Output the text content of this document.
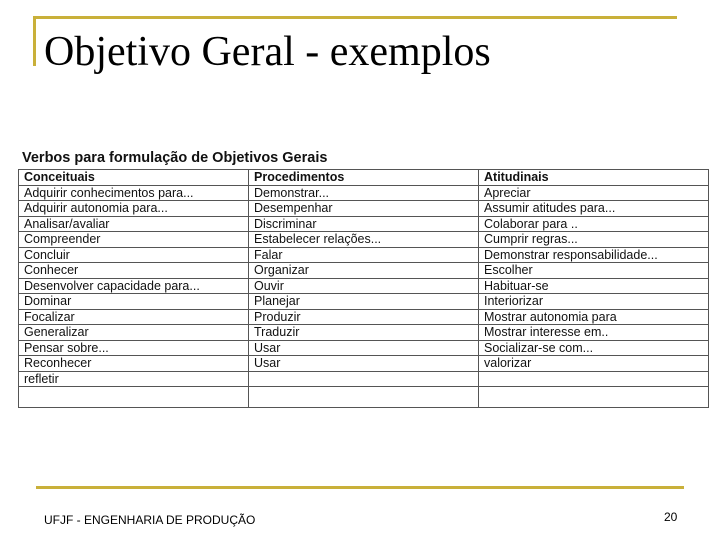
Objetivo Geral - exemplos
Verbos para formulação de Objetivos Gerais
Conceituais	Procedimentos	Atitudinais
Adquirir conhecimentos para...	Demonstrar...	Apreciar
Adquirir autonomia para...	Desempenhar	Assumir atitudes para...
Analisar/avaliar	Discriminar	Colaborar para ..
Compreender	Estabelecer relações...	Cumprir regras...
Concluir	Falar	Demonstrar responsabilidade...
Conhecer	Organizar	Escolher
Desenvolver capacidade para...	Ouvir	Habituar-se
Dominar	Planejar	Interiorizar
Focalizar	Produzir	Mostrar autonomia para
Generalizar	Traduzir	Mostrar interesse em..
Pensar sobre...	Usar	Socializar-se com...
Reconhecer	Usar	valorizar
refletir		

UFJF - ENGENHARIA DE PRODUÇÃO	20
